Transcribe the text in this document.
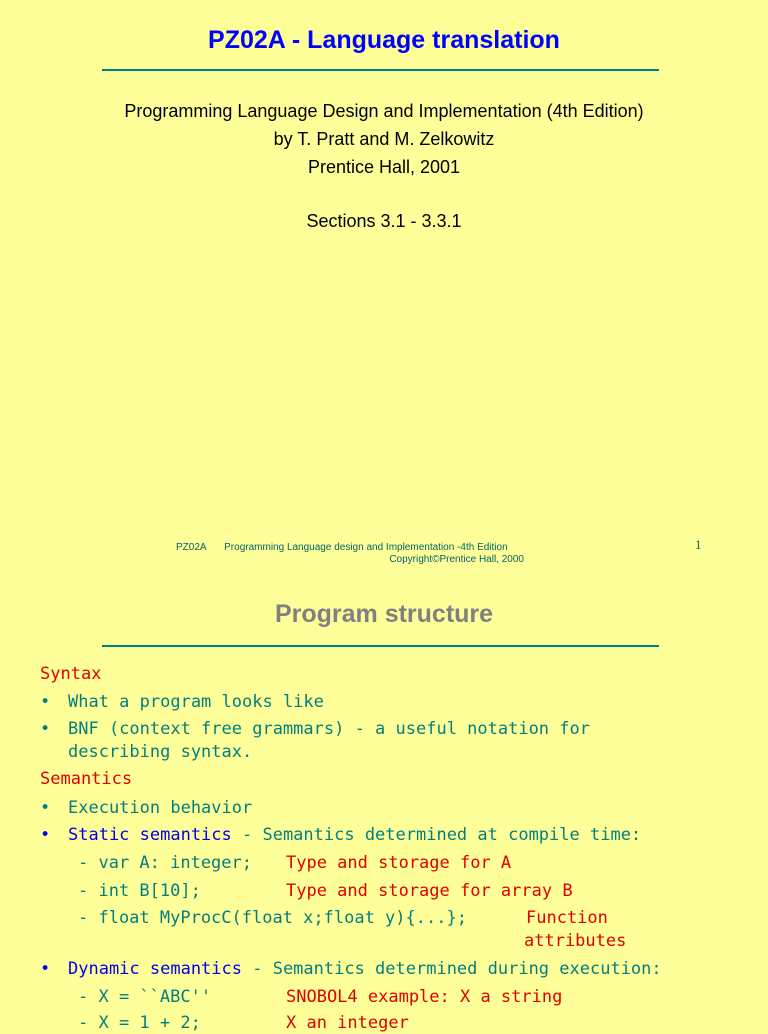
PZ02A - Language translation
Programming Language Design and Implementation (4th Edition)
by T. Pratt and M. Zelkowitz
Prentice Hall, 2001
Sections 3.1 - 3.3.1
PZ02A Programming Language design and Implementation -4th Edition
Copyright©Prentice Hall, 2000
1
Program structure
Syntax
• What a program looks like
• BNF (context free grammars) - a useful notation for
describing syntax.
Semantics
• Execution behavior
• Static semantics - Semantics determined at compile time:
- var A: integer; Type and storage for A
- int B[10];	Type and storage for array B
- float MyProcC(float x;float y){...};	Function
attributes
• Dynamic semantics - Semantics determined during execution:
- X = ``ABC''	SNOBOL4 example: X a string
- X = 1 + 2;	X an integer
